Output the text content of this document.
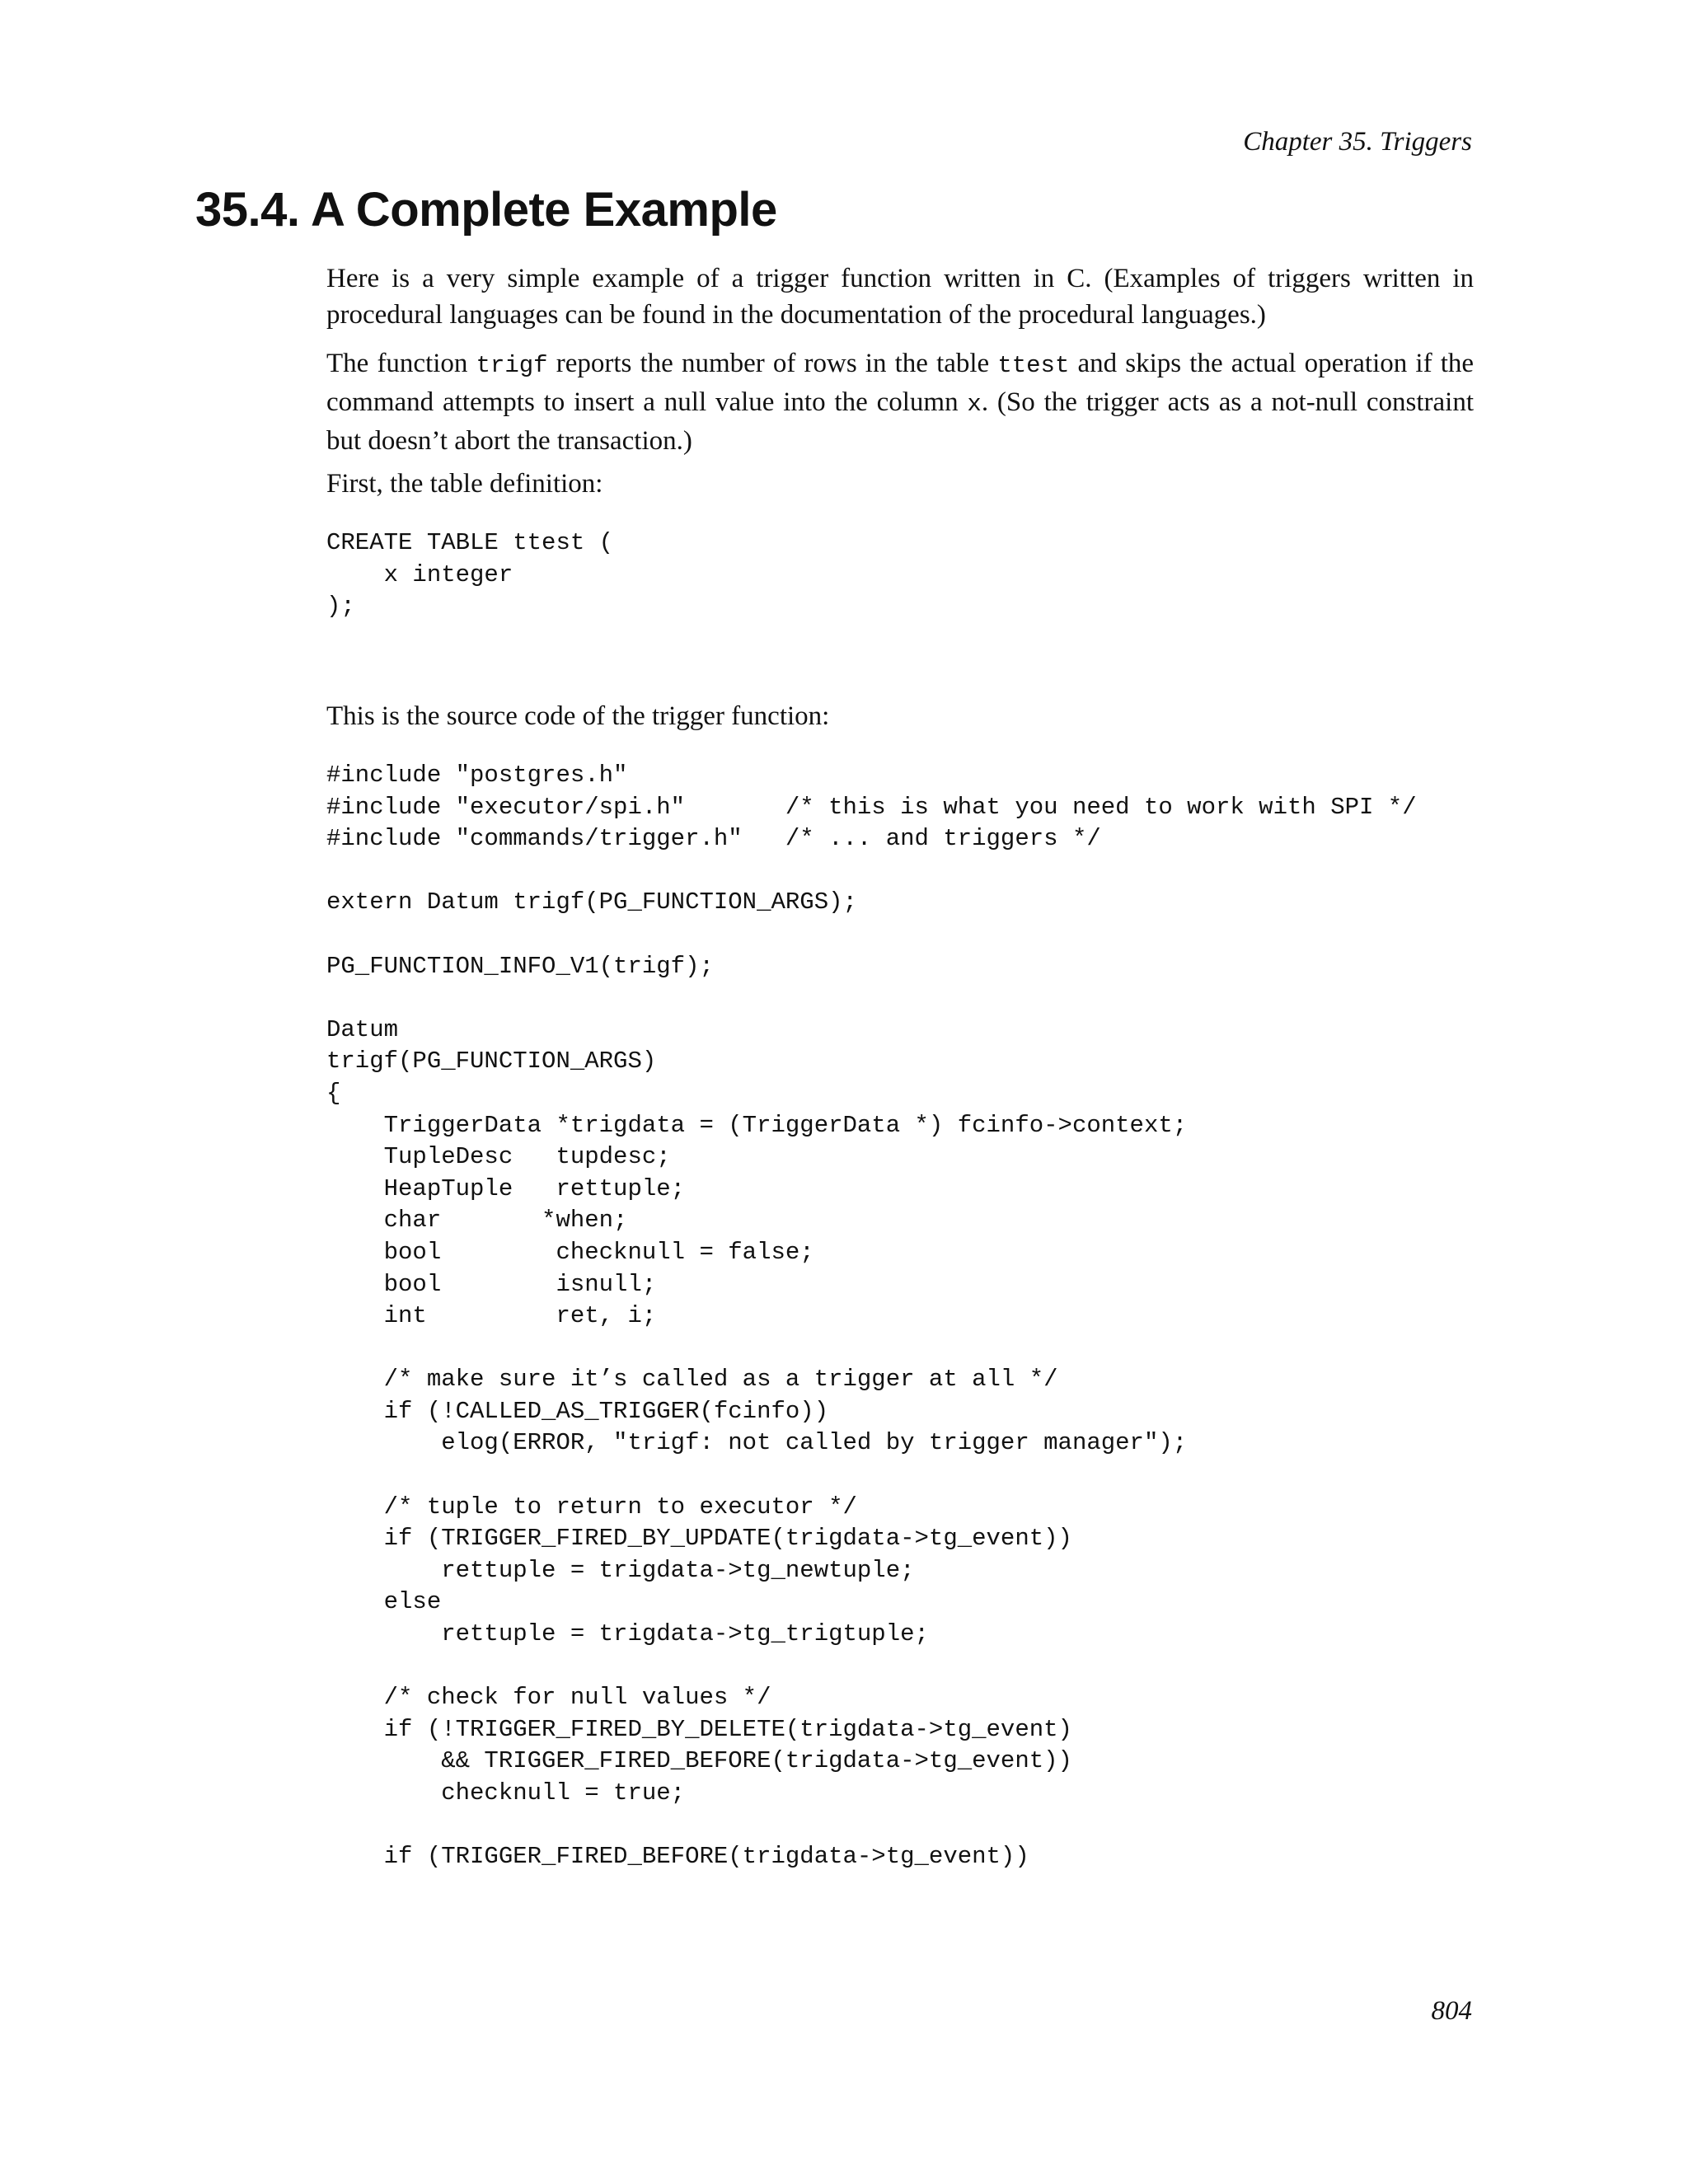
Chapter 35. Triggers
35.4. A Complete Example

Here is a very simple example of a trigger function written in C. (Examples of triggers written in procedural languages can be found in the documentation of the procedural languages.)

The function trigf reports the number of rows in the table ttest and skips the actual operation if the command attempts to insert a null value into the column x. (So the trigger acts as a not-null constraint but doesn’t abort the transaction.)

First, the table definition:

CREATE TABLE ttest (
x integer
);

This is the source code of the trigger function:

#include "postgres.h"
#include "executor/spi.h"       /* this is what you need to work with SPI */
#include "commands/trigger.h"   /* ... and triggers */

extern Datum trigf(PG_FUNCTION_ARGS);

PG_FUNCTION_INFO_V1(trigf);

Datum
trigf(PG_FUNCTION_ARGS)
{
TriggerData *trigdata = (TriggerData *) fcinfo->context;
TupleDesc   tupdesc;
HeapTuple   rettuple;
char       *when;
bool        checknull = false;
bool        isnull;
int         ret, i;

/* make sure it’s called as a trigger at all */
if (!CALLED_AS_TRIGGER(fcinfo))
elog(ERROR, "trigf: not called by trigger manager");

/* tuple to return to executor */
if (TRIGGER_FIRED_BY_UPDATE(trigdata->tg_event))
rettuple = trigdata->tg_newtuple;
else
rettuple = trigdata->tg_trigtuple;

/* check for null values */
if (!TRIGGER_FIRED_BY_DELETE(trigdata->tg_event)
&& TRIGGER_FIRED_BEFORE(trigdata->tg_event))
checknull = true;

if (TRIGGER_FIRED_BEFORE(trigdata->tg_event))
804
